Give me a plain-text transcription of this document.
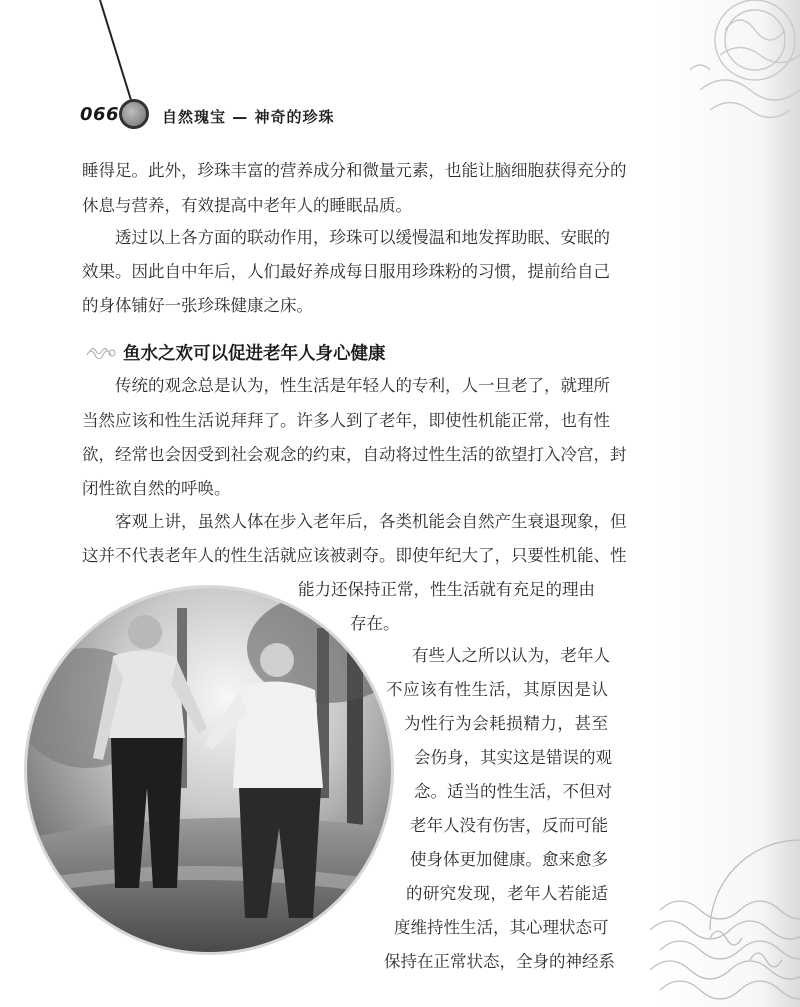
066	自然瑰宝 — 神奇的珍珠

睡得足。此外，珍珠丰富的营养成分和微量元素，也能让脑细胞获得充分的

休息与营养，有效提高中老年人的睡眠品质。

透过以上各方面的联动作用，珍珠可以缓慢温和地发挥助眠、安眠的

效果。因此自中年后，人们最好养成每日服用珍珠粉的习惯，提前给自己

的身体铺好一张珍珠健康之床。

鱼水之欢可以促进老年人身心健康

传统的观念总是认为，性生活是年轻人的专利，人一旦老了，就理所

当然应该和性生活说拜拜了。许多人到了老年，即使性机能正常，也有性

欲，经常也会因受到社会观念的约束，自动将过性生活的欲望打入冷宫，封

闭性欲自然的呼唤。

客观上讲，虽然人体在步入老年后，各类机能会自然产生衰退现象，但

这并不代表老年人的性生活就应该被剥夺。即使年纪大了，只要性机能、性

能力还保持正常，性生活就有充足的理由

存在。

有些人之所以认为，老年人

不应该有性生活，其原因是认

为性行为会耗损精力，甚至

会伤身，其实这是错误的观

念。适当的性生活，不但对

老年人没有伤害，反而可能

使身体更加健康。愈来愈多

的研究发现，老年人若能适

度维持性生活，其心理状态可

保持在正常状态，全身的神经系
